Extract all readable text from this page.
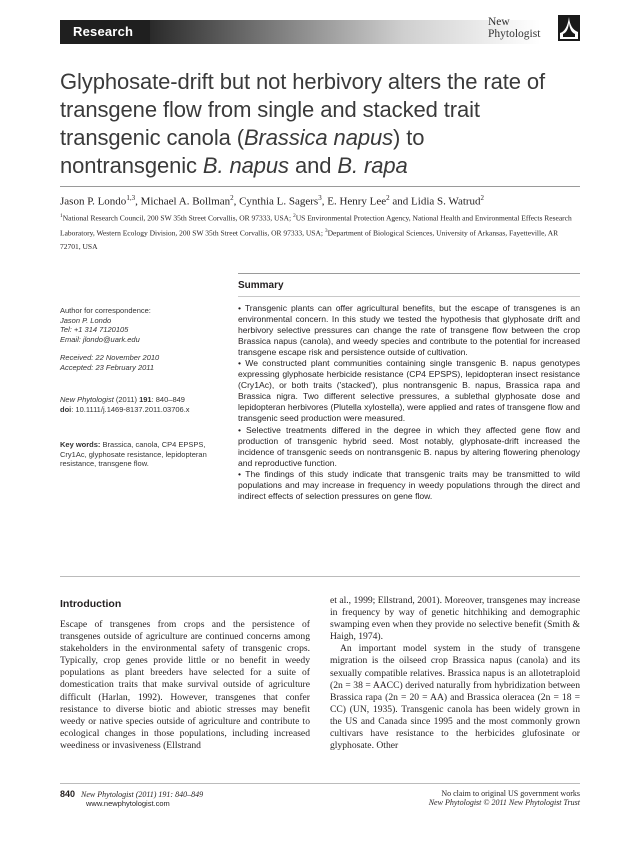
Research
New
Phytologist
Glyphosate-drift but not herbivory alters the rate of transgene flow from single and stacked trait transgenic canola (Brassica napus) to nontransgenic B. napus and B. rapa
Jason P. Londo$^{1,3}$, Michael A. Bollman$^2$, Cynthia L. Sagers$^3$, E. Henry Lee$^2$ and Lidia S. Watrud$^2$
$^1$National Research Council, 200 SW 35th Street Corvallis, OR 97333, USA; $^2$US Environmental Protection Agency, National Health and Environmental Effects Research Laboratory, Western Ecology Division, 200 SW 35th Street Corvallis, OR 97333, USA; $^3$Department of Biological Sciences, University of Arkansas, Fayetteville, AR 72701, USA
Author for correspondence:
Jason P. Londo
Tel: +1 314 7120105
Email: jlondo@uark.edu
Received: 22 November 2010
Accepted: 23 February 2011
New Phytologist (2011) 191: 840–849
doi: 10.1111/j.1469-8137.2011.03706.x
Key words: Brassica, canola, CP4 EPSPS, Cry1Ac, glyphosate resistance, lepidopteran resistance, transgene flow.
Summary

• Transgenic plants can offer agricultural benefits, but the escape of transgenes is an environmental concern. In this study we tested the hypothesis that glyphosate drift and herbivory selective pressures can change the rate of transgene flow between the crop Brassica napus (canola), and weedy species and contribute to the potential for increased transgene escape risk and persistence outside of cultivation.

• We constructed plant communities containing single transgenic B. napus genotypes expressing glyphosate herbicide resistance (CP4 EPSPS), lepidopteran insect resistance (Cry1Ac), or both traits ('stacked'), plus nontransgenic B. napus, Brassica rapa and Brassica nigra. Two different selective pressures, a sublethal glyphosate dose and lepidopteran herbivores (Plutella xylostella), were applied and rates of transgene flow and transgenic seed production were measured.

• Selective treatments differed in the degree in which they affected gene flow and production of transgenic hybrid seed. Most notably, glyphosate-drift increased the incidence of transgenic seeds on nontransgenic B. napus by altering flowering phenology and reproductive function.

• The findings of this study indicate that transgenic traits may be transmitted to wild populations and may increase in frequency in weedy populations through the direct and indirect effects of selection pressures on gene flow.

Introduction

Escape of transgenes from crops and the persistence of transgenes outside of agriculture are continued concerns among stakeholders in the environmental safety of transgenic crops. Typically, crop genes provide little or no benefit in weedy populations as plant breeders have selected for a suite of domestication traits that make survival outside of agriculture difficult (Harlan, 1992). However, transgenes that confer resistance to diverse biotic and abiotic stresses may benefit weedy or native species outside of agriculture and contribute to ecological changes in those populations, including increased weediness or invasiveness (Ellstrand

et al., 1999; Ellstrand, 2001). Moreover, transgenes may increase in frequency by way of genetic hitchhiking and demographic swamping even when they provide no selective benefit (Smith & Haigh, 1974).

An important model system in the study of transgene migration is the oilseed crop Brassica napus (canola) and its sexually compatible relatives. Brassica napus is an allotetraploid (2n = 38 = AACC) derived naturally from hybridization between Brassica rapa (2n = 20 = AA) and Brassica oleracea (2n = 18 = CC) (UN, 1935). Transgenic canola has been widely grown in the US and Canada since 1995 and the most commonly grown cultivars have resistance to the herbicides glufosinate or glyphosate. Other

840 New Phytologist (2011) 191: 840–849
www.newphytologist.com
No claim to original US government works
New Phytologist © 2011 New Phytologist Trust
